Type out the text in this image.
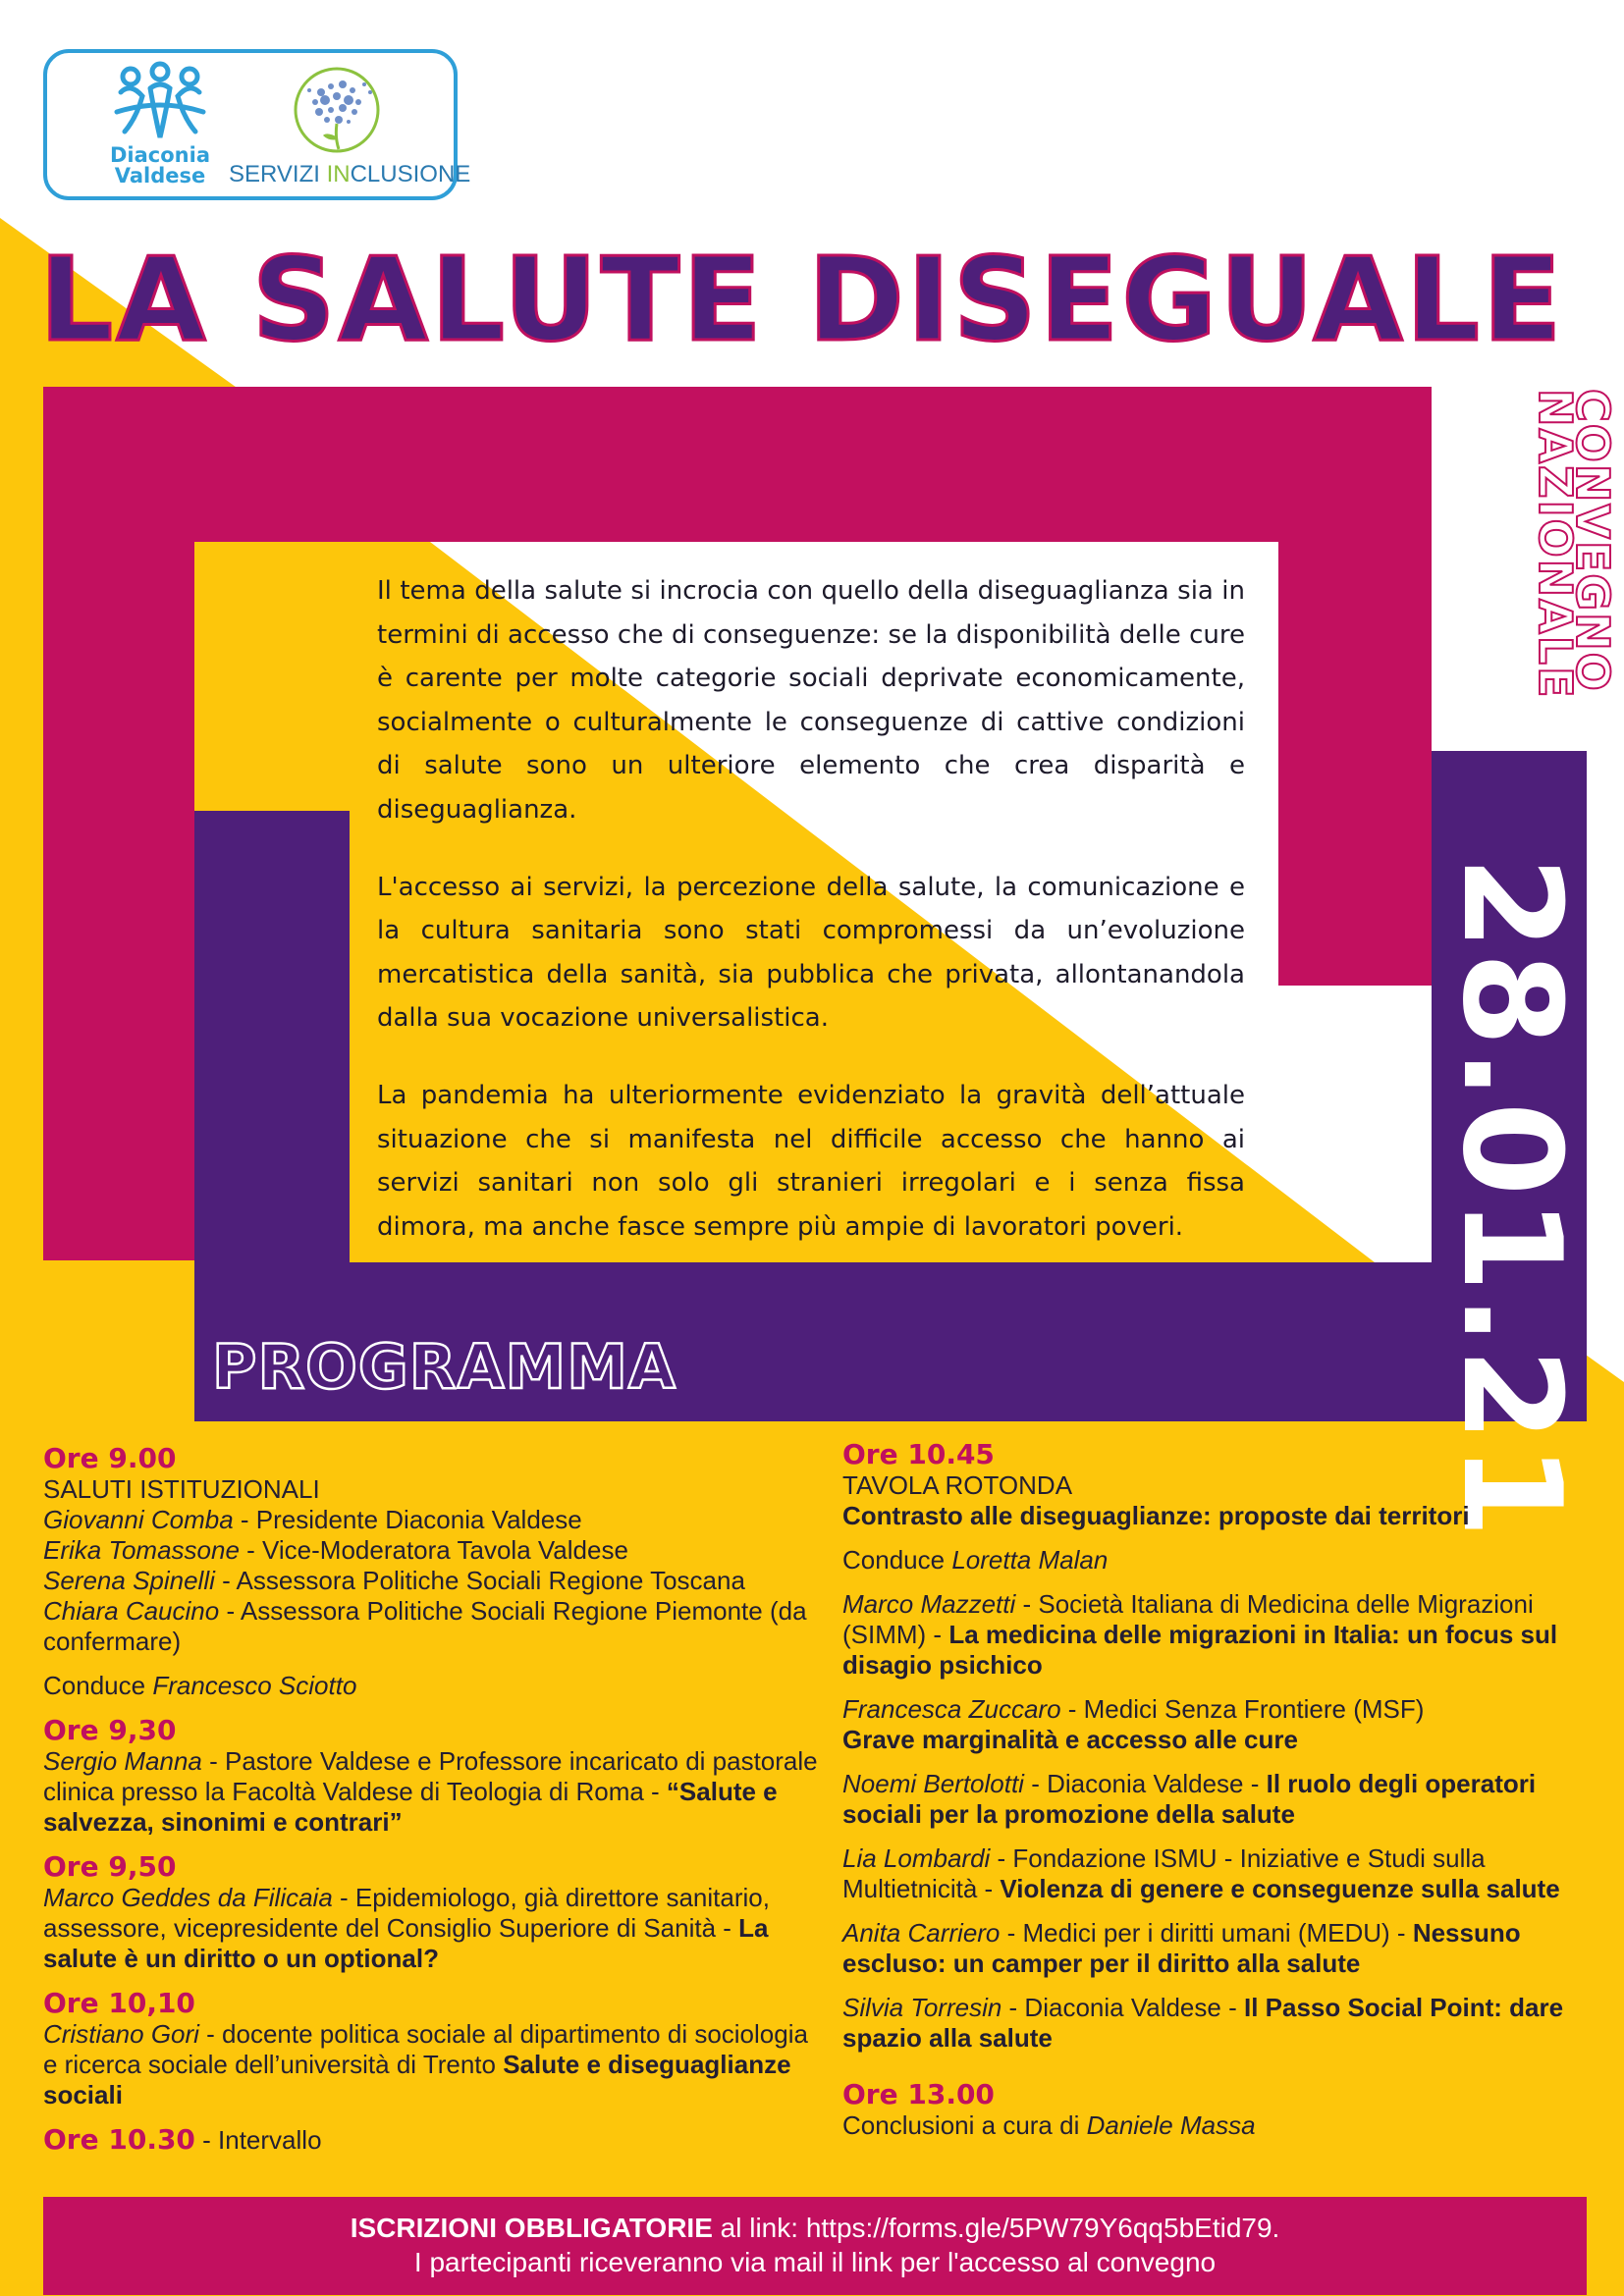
Diaconia
Valdese SERVIZI INCLUSIONE
LA SALUTE DISEGUALE
CONVEGNO
NAZIONALE
28.01.21

Il tema della salute si incrocia con quello della diseguaglianza sia in termini di accesso che di conseguenze: se la disponibilità delle cure è carente per molte categorie sociali deprivate economicamente, socialmente o culturalmente le conseguenze di cattive condizioni di salute sono un ulteriore elemento che crea disparità e diseguaglianza.

L'accesso ai servizi, la percezione della salute, la comunicazione e la cultura sanitaria sono stati compromessi da un’evoluzione mercatistica della sanità, sia pubblica che privata, allontanandola dalla sua vocazione universalistica.

La pandemia ha ulteriormente evidenziato la gravità dell’attuale situazione che si manifesta nel difficile accesso che hanno ai servizi sanitari non solo gli stranieri irregolari e i senza fissa dimora, ma anche fasce sempre più ampie di lavoratori poveri.

PROGRAMMA
Ore 9.00
SALUTI ISTITUZIONALI
Giovanni Comba - Presidente Diaconia Valdese
Erika Tomassone - Vice-Moderatora Tavola Valdese
Serena Spinelli - Assessora Politiche Sociali Regione Toscana
Chiara Caucino - Assessora Politiche Sociali Regione Piemonte (da confermare)
Conduce Francesco Sciotto
Ore 9,30
Sergio Manna - Pastore Valdese e Professore incaricato di pastorale clinica presso la Facoltà Valdese di Teologia di Roma - “Salute e salvezza, sinonimi e contrari”
Ore 9,50
Marco Geddes da Filicaia - Epidemiologo, già direttore sanitario, assessore, vicepresidente del Consiglio Superiore di Sanità - La salute è un diritto o un optional?
Ore 10,10
Cristiano Gori - docente politica sociale al dipartimento di sociologia e ricerca sociale dell’università di Trento Salute e diseguaglianze sociali
Ore 10.30 - Intervallo
Ore 10.45
TAVOLA ROTONDA
Contrasto alle diseguaglianze: proposte dai territori
Conduce Loretta Malan
Marco Mazzetti - Società Italiana di Medicina delle Migrazioni (SIMM) - La medicina delle migrazioni in Italia: un focus sul disagio psichico
Francesca Zuccaro - Medici Senza Frontiere (MSF)
Grave marginalità e accesso alle cure
Noemi Bertolotti - Diaconia Valdese - Il ruolo degli operatori sociali per la promozione della salute
Lia Lombardi - Fondazione ISMU - Iniziative e Studi sulla Multietnicità - Violenza di genere e conseguenze sulla salute
Anita Carriero - Medici per i diritti umani (MEDU) - Nessuno escluso: un camper per il diritto alla salute
Silvia Torresin - Diaconia Valdese - Il Passo Social Point: dare spazio alla salute
Ore 13.00
Conclusioni a cura di Daniele Massa
ISCRIZIONI OBBLIGATORIE al link: https://forms.gle/5PW79Y6qq5bEtid79.
I partecipanti riceveranno via mail il link per l'accesso al convegno
